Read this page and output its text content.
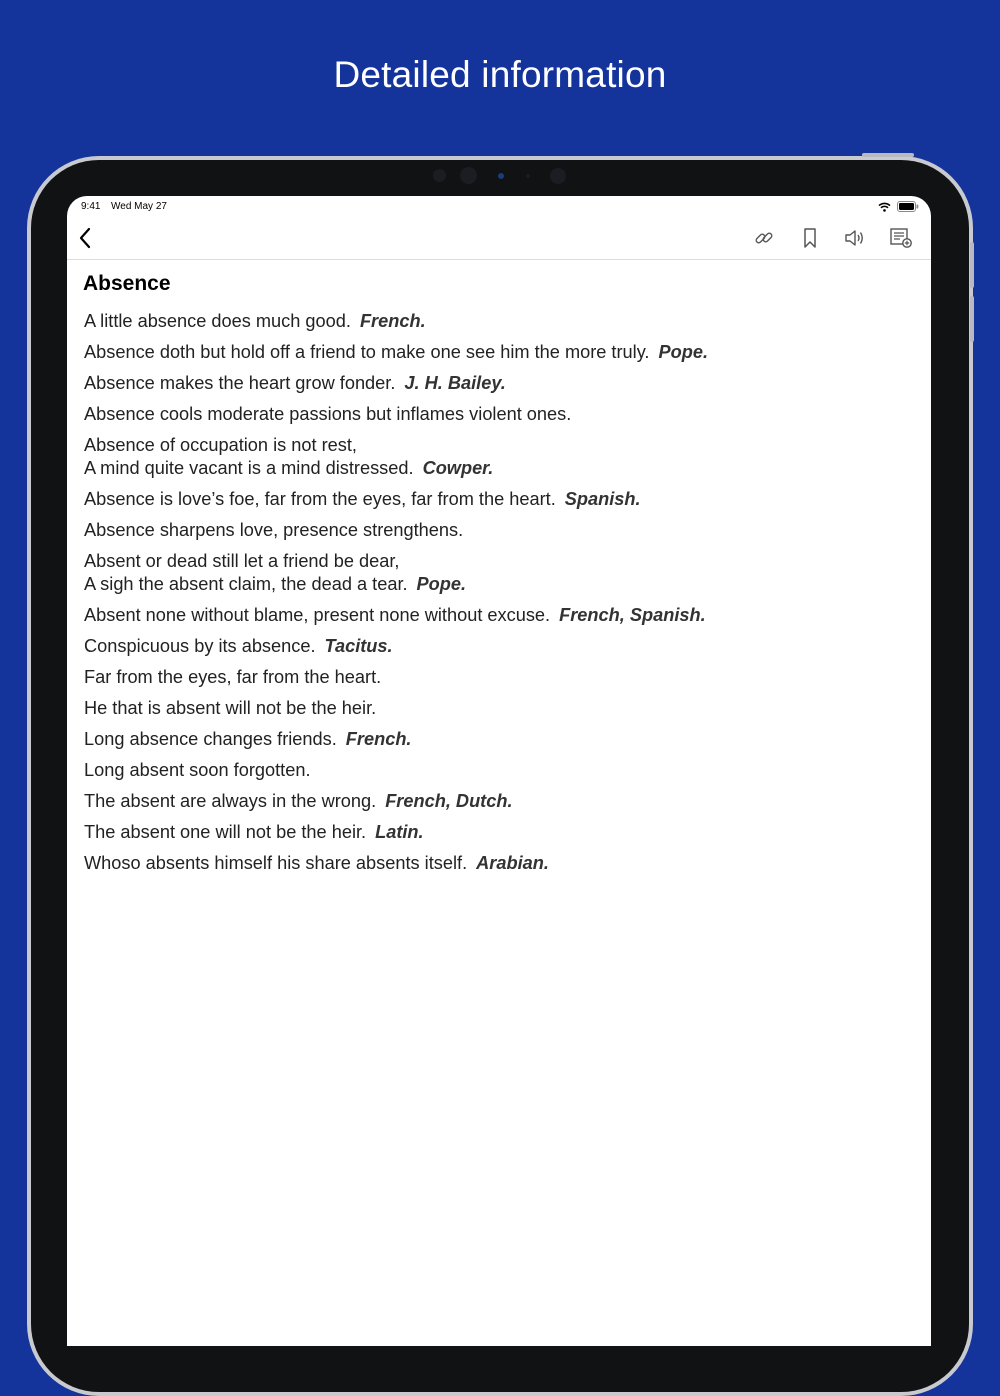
Detailed information
9:41 Wed May 27
Absence
A little absence does much good. French.
Absence doth but hold off a friend to make one see him the more truly. Pope.
Absence makes the heart grow fonder. J. H. Bailey.
Absence cools moderate passions but inflames violent ones.
Absence of occupation is not rest,
A mind quite vacant is a mind distressed. Cowper.
Absence is love’s foe, far from the eyes, far from the heart. Spanish.
Absence sharpens love, presence strengthens.
Absent or dead still let a friend be dear,
A sigh the absent claim, the dead a tear. Pope.
Absent none without blame, present none without excuse. French, Spanish.
Conspicuous by its absence. Tacitus.
Far from the eyes, far from the heart.
He that is absent will not be the heir.
Long absence changes friends. French.
Long absent soon forgotten.
The absent are always in the wrong. French, Dutch.
The absent one will not be the heir. Latin.
Whoso absents himself his share absents itself. Arabian.
